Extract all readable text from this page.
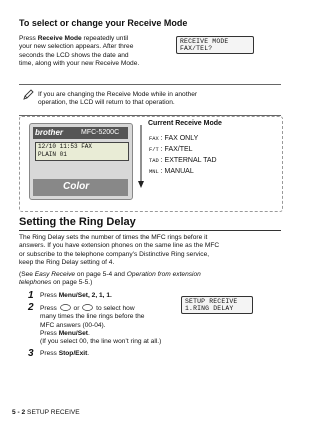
To select or change your Receive Mode
Press Receive Mode repeatedly until
your new selection appears. After three
seconds the LCD shows the date and
time, along with your new Receive Mode.
RECEIVE MODE
FAX/TEL?
If you are changing the Receive Mode while in another
operation, the LCD will return to that operation.
Current Receive Mode
brother	MFC-5200C
12/10 11:53 FAX
PLAIN 01
Color
FAX : FAX ONLY
F/T : FAX/TEL
TAD : EXTERNAL TAD
MNL : MANUAL
Setting the Ring Delay
The Ring Delay sets the number of times the MFC rings before it
answers. If you have extension phones on the same line as the MFC
or subscribe to the telephone company’s Distinctive Ring service,
keep the Ring Delay setting of 4.
(See Easy Receive on page 5-4 and Operation from extension
telephones on page 5-5.)
1 Press Menu/Set, 2, 1, 1.
2 Press	or	to select how
many times the line rings before the
MFC answers (00-04).
Press Menu/Set.
(If you select 00, the line won’t ring at all.)
SETUP RECEIVE
1.RING DELAY
3 Press Stop/Exit.
5 - 2 SETUP RECEIVE
